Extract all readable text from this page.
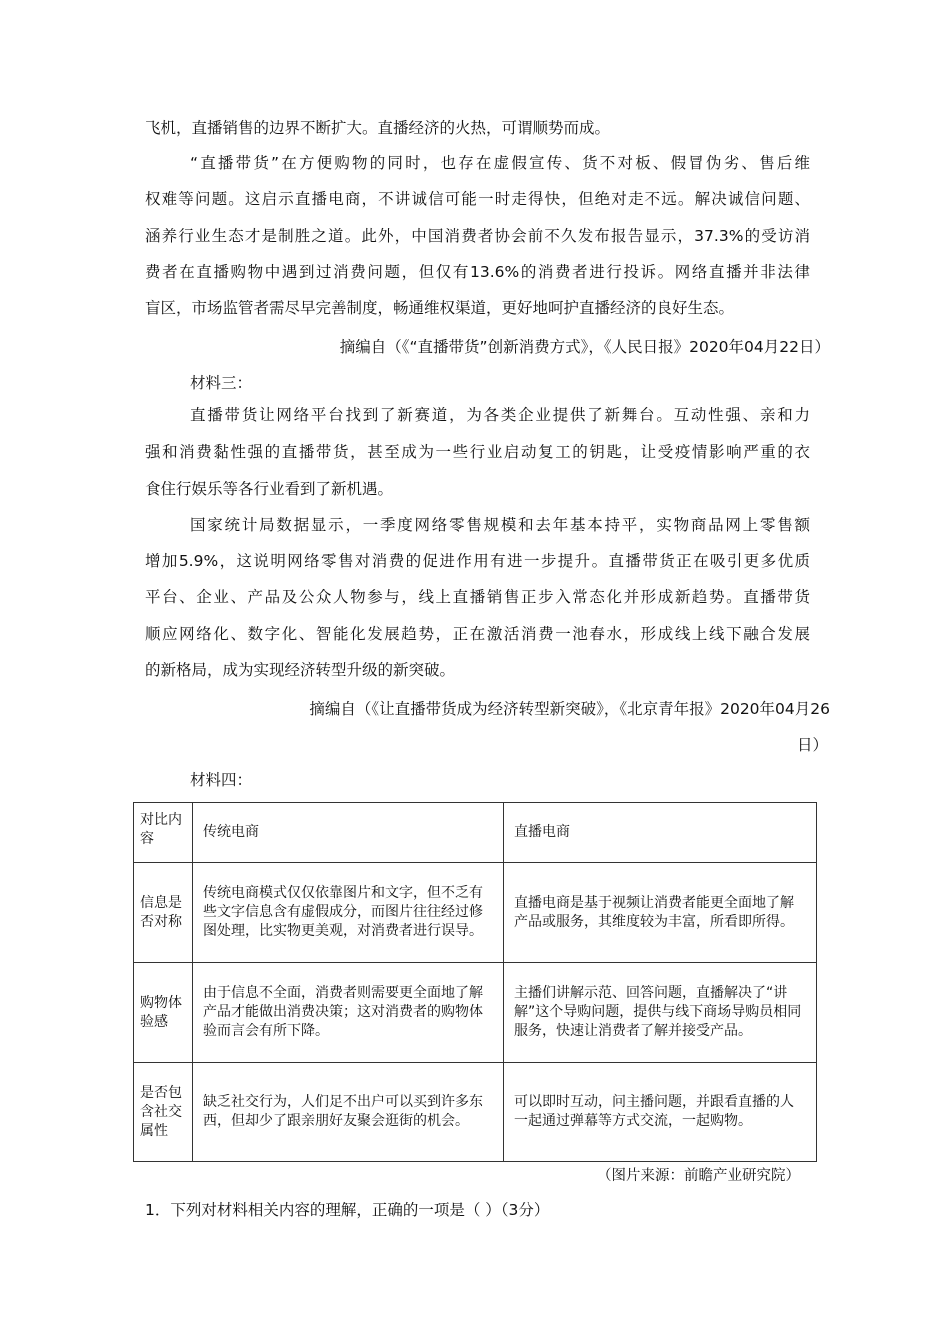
飞机，直播销售的边界不断扩大。直播经济的火热，可谓顺势而成。
“直播带货”在方便购物的同时，也存在虚假宣传、货不对板、假冒伪劣、售后维
权难等问题。这启示直播电商，不讲诚信可能一时走得快，但绝对走不远。解决诚信问题、
涵养行业生态才是制胜之道。此外，中国消费者协会前不久发布报告显示，37.3%的受访消
费者在直播购物中遇到过消费问题，但仅有13.6%的消费者进行投诉。网络直播并非法律
盲区，市场监管者需尽早完善制度，畅通维权渠道，更好地呵护直播经济的良好生态。
摘编自（《“直播带货”创新消费方式》，《人民日报》2020年04月22日）
材料三：
直播带货让网络平台找到了新赛道，为各类企业提供了新舞台。互动性强、亲和力
强和消费黏性强的直播带货，甚至成为一些行业启动复工的钥匙，让受疫情影响严重的衣
食住行娱乐等各行业看到了新机遇。
国家统计局数据显示，一季度网络零售规模和去年基本持平，实物商品网上零售额
增加5.9%，这说明网络零售对消费的促进作用有进一步提升。直播带货正在吸引更多优质
平台、企业、产品及公众人物参与，线上直播销售正步入常态化并形成新趋势。直播带货
顺应网络化、数字化、智能化发展趋势，正在激活消费一池春水，形成线上线下融合发展
的新格局，成为实现经济转型升级的新突破。
摘编自（《让直播带货成为经济转型新突破》，《北京青年报》2020年04月26
日）
材料四：
对比内容	传统电商	直播电商
信息是否对称	传统电商模式仅仅依靠图片和文字，但不乏有些文字信息含有虚假成分，而图片往往经过修图处理，比实物更美观，对消费者进行误导。	直播电商是基于视频让消费者能更全面地了解产品或服务，其维度较为丰富，所看即所得。
购物体验感	由于信息不全面，消费者则需要更全面地了解产品才能做出消费决策；这对消费者的购物体验而言会有所下降。	主播们讲解示范、回答问题，直播解决了“讲解”这个导购问题，提供与线下商场导购员相同服务，快速让消费者了解并接受产品。
是否包含社交属性	缺乏社交行为，人们足不出户可以买到许多东西，但却少了跟亲朋好友聚会逛街的机会。	可以即时互动，问主播问题，并跟看直播的人一起通过弹幕等方式交流，一起购物。
（图片来源：前瞻产业研究院）
1．下列对材料相关内容的理解，正确的一项是（ ）（3分）
